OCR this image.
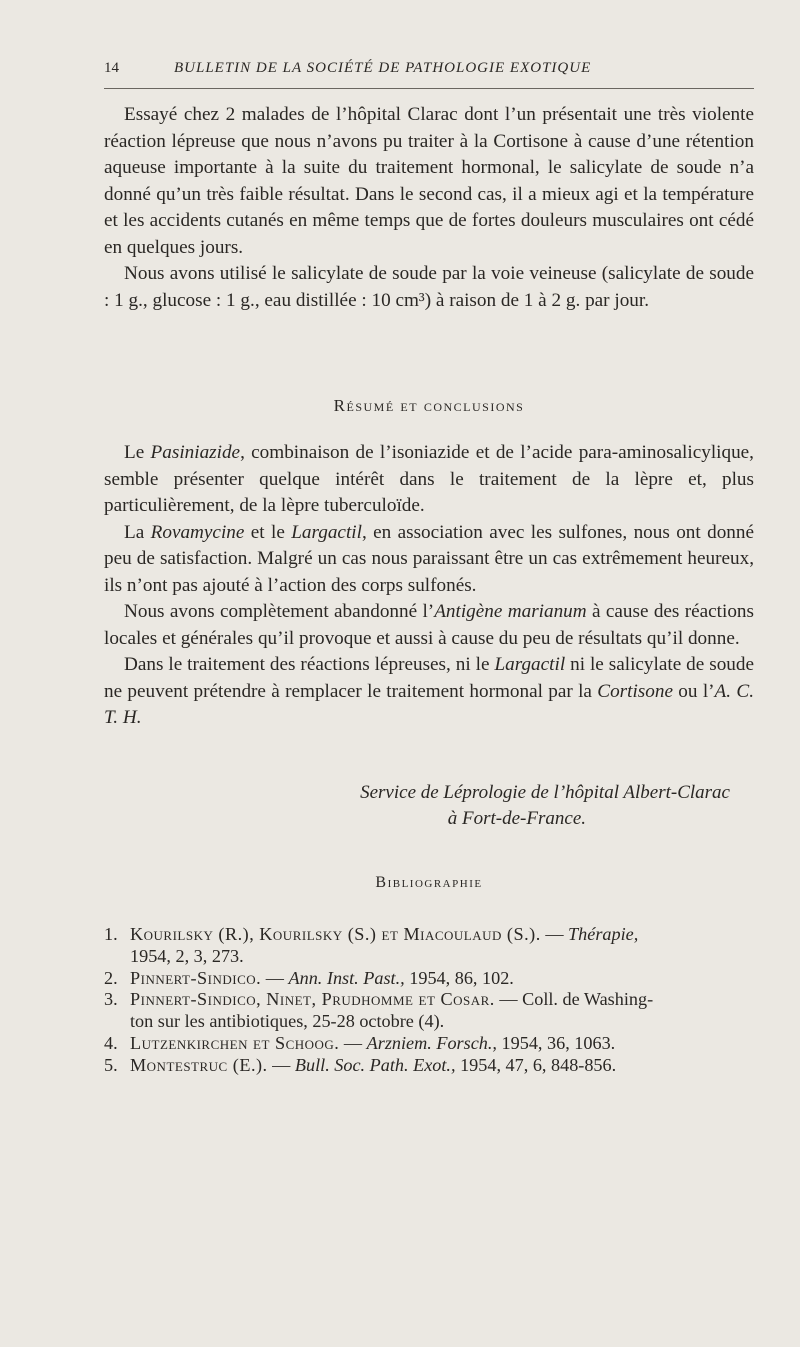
14	BULLETIN DE LA SOCIÉTÉ DE PATHOLOGIE EXOTIQUE

Essayé chez 2 malades de l’hôpital Clarac dont l’un présentait une très violente réaction lépreuse que nous n’avons pu traiter à la Cortisone à cause d’une rétention aqueuse importante à la suite du traitement hormonal, le salicylate de soude n’a donné qu’un très faible résultat. Dans le second cas, il a mieux agi et la température et les accidents cutanés en même temps que de fortes douleurs musculaires ont cédé en quelques jours.

Nous avons utilisé le salicylate de soude par la voie veineuse (salicylate de soude : 1 g., glucose : 1 g., eau distillée : 10 cm³) à raison de 1 à 2 g. par jour.

Résumé et conclusions

Le Pasiniazide, combinaison de l’isoniazide et de l’acide para-aminosalicylique, semble présenter quelque intérêt dans le traitement de la lèpre et, plus particulièrement, de la lèpre tuberculoïde.

La Rovamycine et le Largactil, en association avec les sulfones, nous ont donné peu de satisfaction. Malgré un cas nous paraissant être un cas extrêmement heureux, ils n’ont pas ajouté à l’action des corps sulfonés.

Nous avons complètement abandonné l’Antigène marianum à cause des réactions locales et générales qu’il provoque et aussi à cause du peu de résultats qu’il donne.

Dans le traitement des réactions lépreuses, ni le Largactil ni le salicylate de soude ne peuvent prétendre à remplacer le traitement hormonal par la Cortisone ou l’A. C. T. H.

Service de Léprologie de l’hôpital Albert-Clarac
à Fort-de-France.
Bibliographie
1. Kourilsky (R.), Kourilsky (S.) et Miacoulaud (S.). — Thérapie,
1954, 2, 3, 273.
2. Pinnert-Sindico. — Ann. Inst. Past., 1954, 86, 102.
3. Pinnert-Sindico, Ninet, Prudhomme et Cosar. — Coll. de Washing-
ton sur les antibiotiques, 25-28 octobre (4).
4. Lutzenkirchen et Schoog. — Arzniem. Forsch., 1954, 36, 1063.
5. Montestruc (E.). — Bull. Soc. Path. Exot., 1954, 47, 6, 848-856.
